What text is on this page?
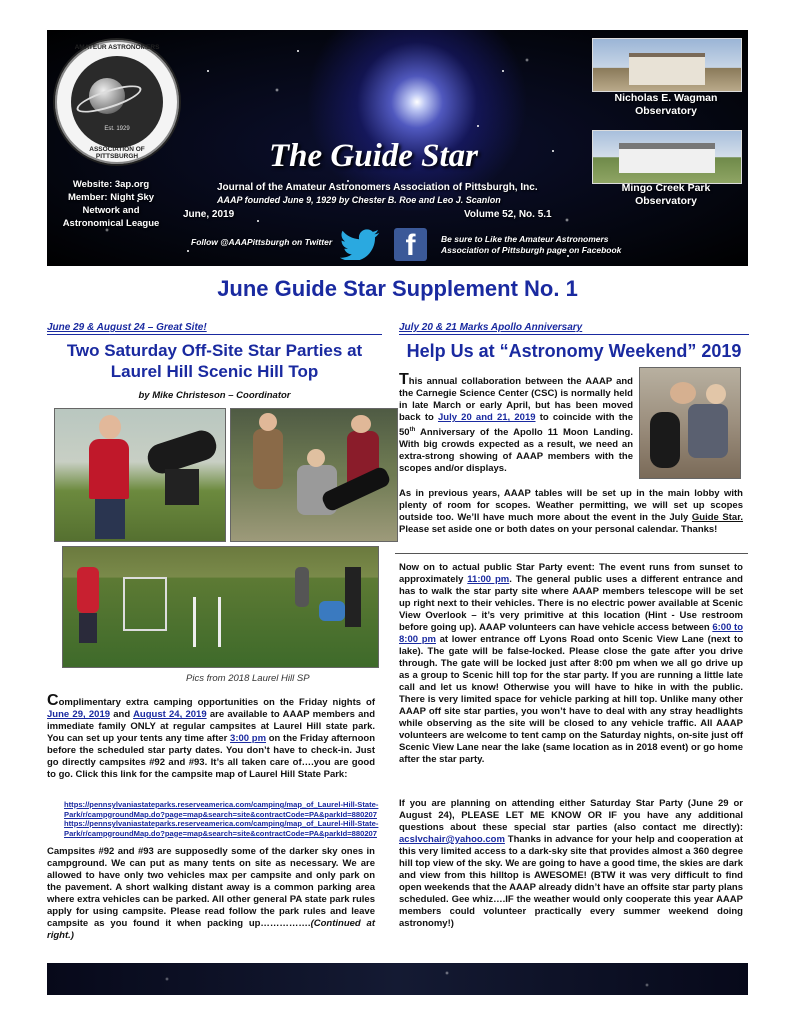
AMATEUR ASTRONOMERS
Est. 1929
ASSOCIATION OF PITTSBURGH
Website: 3ap.org
Member: Night Sky
Network and
Astronomical League
The Guide Star
Journal of the Amateur Astronomers Association of Pittsburgh, Inc.
AAAP founded June 9, 1929 by Chester B. Roe and Leo J. Scanlon
June, 2019	Volume 52, No. 5.1
Follow @AAAPittsburgh on Twitter	f	Be sure to Like the Amateur Astronomers
Association of Pittsburgh page on Facebook
Nicholas E. Wagman
Observatory
Mingo Creek Park
Observatory
June Guide Star Supplement No. 1
June 29 & August 24 – Great Site!
Two Saturday Off-Site Star Parties at
Laurel Hill Scenic Hill Top
by Mike Christeson – Coordinator
Pics from 2018 Laurel Hill SP

Complimentary extra camping opportunities on the Friday nights of June 29, 2019 and August 24, 2019 are available to AAAP members and immediate family ONLY at regular campsites at Laurel Hill state park. You can set up your tents any time after 3:00 pm on the Friday afternoon before the scheduled star party dates. You don’t have to check-in. Just go directly campsites #92 and #93. It’s all taken care of….you are good to go. Click this link for the campsite map of Laurel Hill State Park:

https://pennsylvaniastateparks.reserveamerica.com/camping/map_of_Laurel-Hill-State-
Park/r/campgroundMap.do?page=map&search=site&contractCode=PA&parkId=880207
https://pennsylvaniastateparks.reserveamerica.com/camping/map_of_Laurel-Hill-State-
Park/r/campgroundMap.do?page=map&search=site&contractCode=PA&parkId=880207

Campsites #92 and #93 are supposedly some of the darker sky ones in campground. We can put as many tents on site as necessary. We are allowed to have only two vehicles max per campsite and only park on the pavement. A short walking distant away is a common parking area where extra vehicles can be parked. All other general PA state park rules apply for using campsite. Please read follow the park rules and leave campsite as you found it when packing up…………….(Continued at right.)

July 20 & 21 Marks Apollo Anniversary
Help Us at “Astronomy Weekend” 2019

This annual collaboration between the AAAP and the Carnegie Science Center (CSC) is normally held in late March or early April, but has been moved back to July 20 and 21, 2019 to coincide with the 50th Anniversary of the Apollo 11 Moon Landing. With big crowds expected as a result, we need an extra-strong showing of AAAP members with the scopes and/or displays.

As in previous years, AAAP tables will be set up in the main lobby with plenty of room for scopes. Weather permitting, we will set up scopes outside too. We’ll have much more about the event in the July Guide Star. Please set aside one or both dates on your personal calendar. Thanks!

Now on to actual public Star Party event: The event runs from sunset to approximately 11:00 pm. The general public uses a different entrance and has to walk the star party site where AAAP members telescope will be set up right next to their vehicles. There is no electric power available at Scenic View Overlook – it’s very primitive at this location (Hint - Use restroom before going up). AAAP volunteers can have vehicle access between 6:00 to 8:00 pm at lower entrance off Lyons Road onto Scenic View Lane (next to lake). The gate will be false-locked. Please close the gate after you drive through. The gate will be locked just after 8:00 pm when we all go drive up as a group to Scenic hill top for the star party. If you are running a little late call and let us know! Otherwise you will have to hike in with the public. There is very limited space for vehicle parking at hill top. Unlike many other AAAP off site star parties, you won’t have to deal with any stray headlights while observing as the site will be closed to any vehicle traffic. All AAAP volunteers are welcome to tent camp on the Saturday nights, on-site just off Scenic View Lane near the lake (same location as in 2018 event) or go home after the star party.

If you are planning on attending either Saturday Star Party (June 29 or August 24), PLEASE LET ME KNOW OR IF you have any additional questions about these special star parties (also contact me directly): acslvchair@yahoo.com Thanks in advance for your help and cooperation at this very limited access to a dark-sky site that provides almost a 360 degree hill top view of the sky. We are going to have a good time, the skies are dark and view from this hilltop is AWESOME! (BTW it was very difficult to find open weekends that the AAAP already didn’t have an offsite star party plans scheduled. Gee whiz….IF the weather would only cooperate this year AAAP members could volunteer practically every summer weekend doing astronomy!)
